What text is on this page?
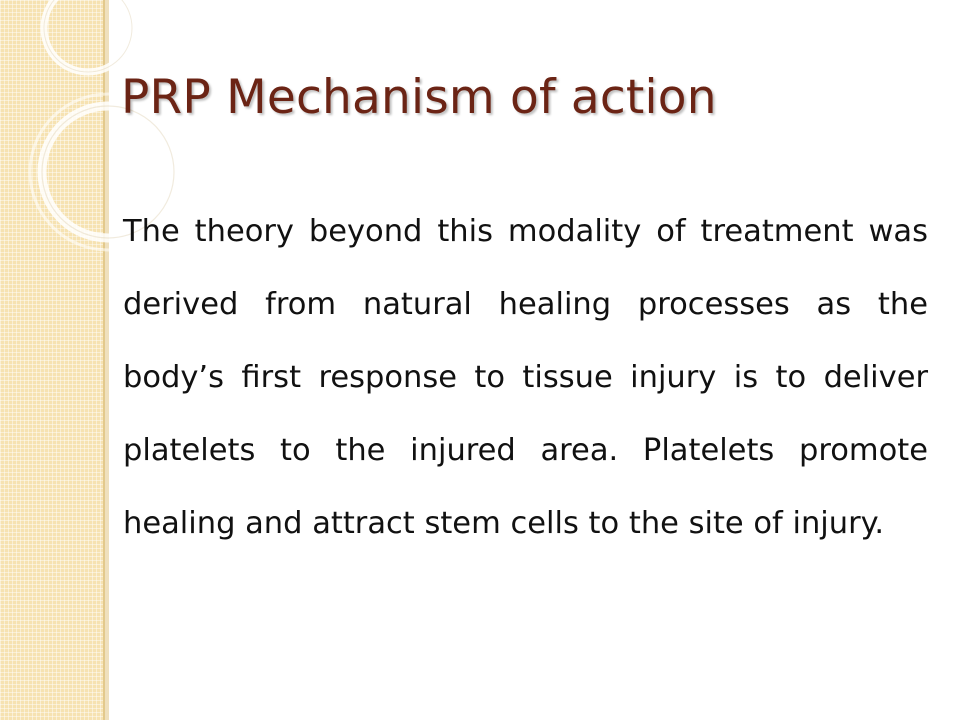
PRP Mechanism of action

The theory beyond this modality of treatment was derived from natural healing processes as the body’s first response to tissue injury is to deliver platelets to the injured area. Platelets promote healing and attract stem cells to the site of injury.
